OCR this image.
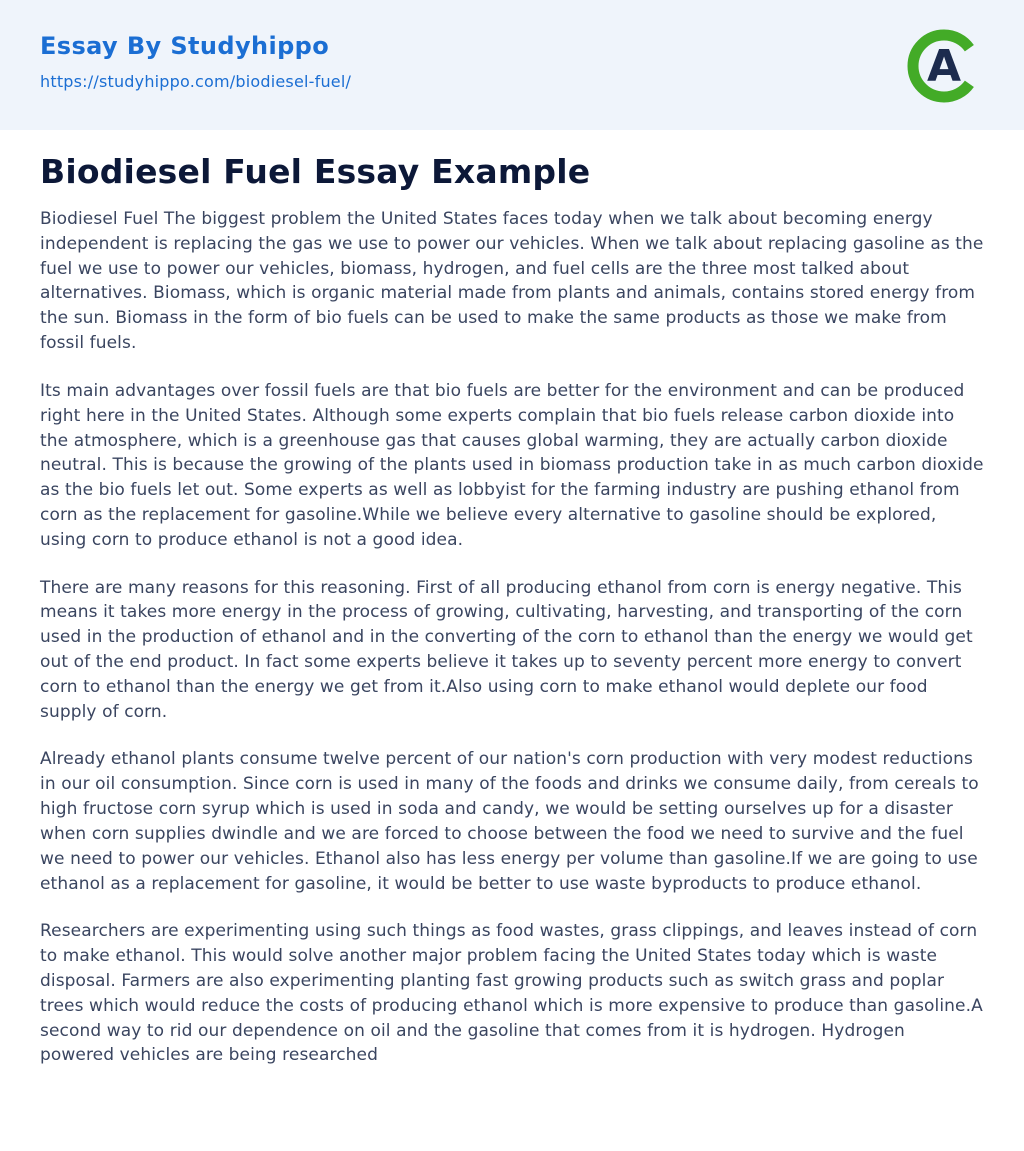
Essay By Studyhippo
https://studyhippo.com/biodiesel-fuel/	A
Biodiesel Fuel Essay Example

Biodiesel Fuel The biggest problem the United States faces today when we talk about becoming energy independent is replacing the gas we use to power our vehicles. When we talk about replacing gasoline as the fuel we use to power our vehicles, biomass, hydrogen, and fuel cells are the three most talked about alternatives. Biomass, which is organic material made from plants and animals, contains stored energy from the sun. Biomass in the form of bio fuels can be used to make the same products as those we make from fossil fuels.

Its main advantages over fossil fuels are that bio fuels are better for the environment and can be produced right here in the United States. Although some experts complain that bio fuels release carbon dioxide into the atmosphere, which is a greenhouse gas that causes global warming, they are actually carbon dioxide neutral. This is because the growing of the plants used in biomass production take in as much carbon dioxide as the bio fuels let out. Some experts as well as lobbyist for the farming industry are pushing ethanol from corn as the replacement for gasoline.While we believe every alternative to gasoline should be explored, using corn to produce ethanol is not a good idea.

There are many reasons for this reasoning. First of all producing ethanol from corn is energy negative. This means it takes more energy in the process of growing, cultivating, harvesting, and transporting of the corn used in the production of ethanol and in the converting of the corn to ethanol than the energy we would get out of the end product. In fact some experts believe it takes up to seventy percent more energy to convert corn to ethanol than the energy we get from it.Also using corn to make ethanol would deplete our food supply of corn.

Already ethanol plants consume twelve percent of our nation's corn production with very modest reductions in our oil consumption. Since corn is used in many of the foods and drinks we consume daily, from cereals to high fructose corn syrup which is used in soda and candy, we would be setting ourselves up for a disaster when corn supplies dwindle and we are forced to choose between the food we need to survive and the fuel we need to power our vehicles. Ethanol also has less energy per volume than gasoline.If we are going to use ethanol as a replacement for gasoline, it would be better to use waste byproducts to produce ethanol.

Researchers are experimenting using such things as food wastes, grass clippings, and leaves instead of corn to make ethanol. This would solve another major problem facing the United States today which is waste disposal. Farmers are also experimenting planting fast growing products such as switch grass and poplar trees which would reduce the costs of producing ethanol which is more expensive to produce than gasoline.A second way to rid our dependence on oil and the gasoline that comes from it is hydrogen. Hydrogen powered vehicles are being researched
